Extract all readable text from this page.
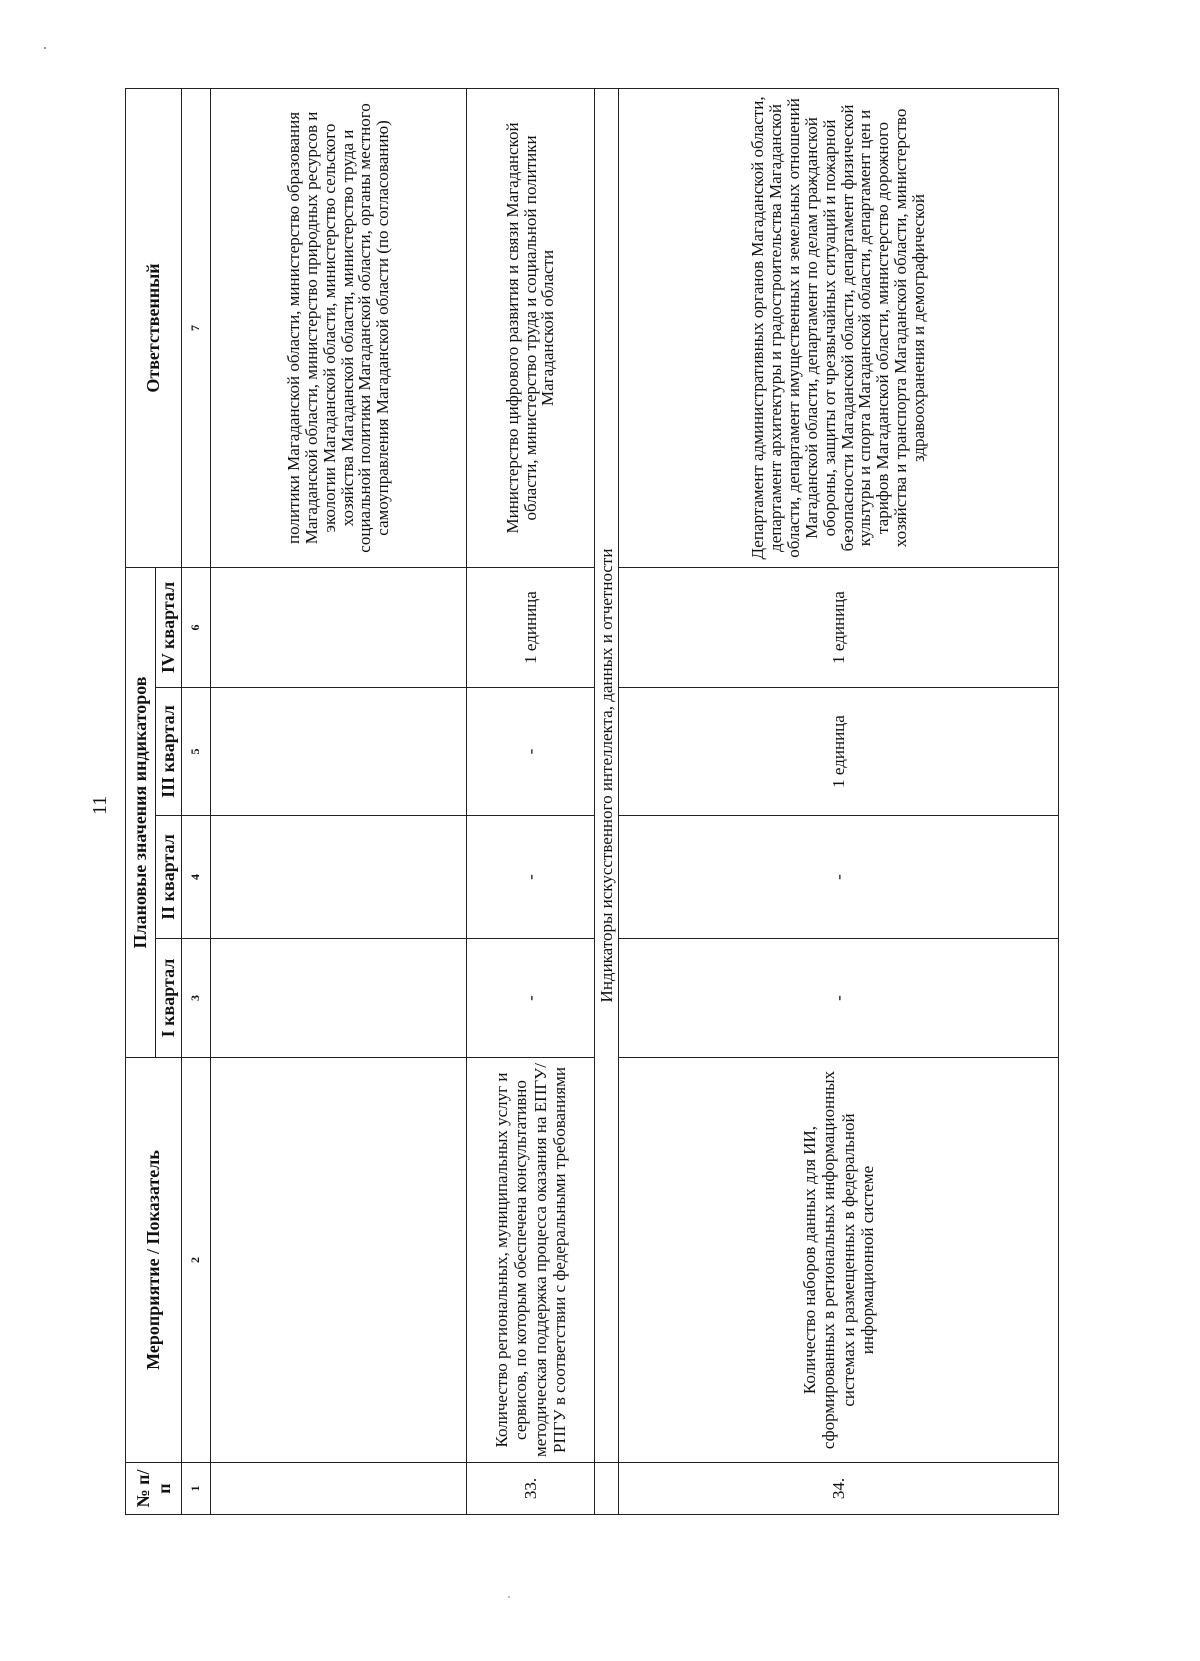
11
№ п/п	Мероприятие / Показатель	Плановые значения индикаторов				Ответственный
		I квартал	II квартал	III квартал	IV квартал	
1	2	3	4	5	6	7
						политики Магаданской области, министерство образования Магаданской области, министерство природных ресурсов и экологии Магаданской области, министерство сельского хозяйства Магаданской области, министерство труда и социальной политики Магаданской области, органы местного самоуправления Магаданской области (по согласованию)
33.	Количество региональных, муниципальных услуг и сервисов, по которым обеспечена консультативно методическая поддержка процесса оказания на ЕПГУ/РПГУ в соответствии с федеральными требованиями	-	-	-	1 единица	Министерство цифрового развития и связи Магаданской области, министерство труда и социальной политики Магаданской области
	Индикаторы искусственного интеллекта, данных и отчетности					
34.	Количество наборов данных для ИИ, сформированных в региональных информационных системах и размещенных в федеральной информационной системе	-	-	1 единица	1 единица	Департамент административных органов Магаданской области, департамент архитектуры и градостроительства Магаданской области, департамент имущественных и земельных отношений Магаданской области, департамент по делам гражданской обороны, защиты от чрезвычайных ситуаций и пожарной безопасности Магаданской области, департамент физической культуры и спорта Магаданской области, департамент цен и тарифов Магаданской области, министерство дорожного хозяйства и транспорта Магаданской области, министерство здравоохранения и демографической
